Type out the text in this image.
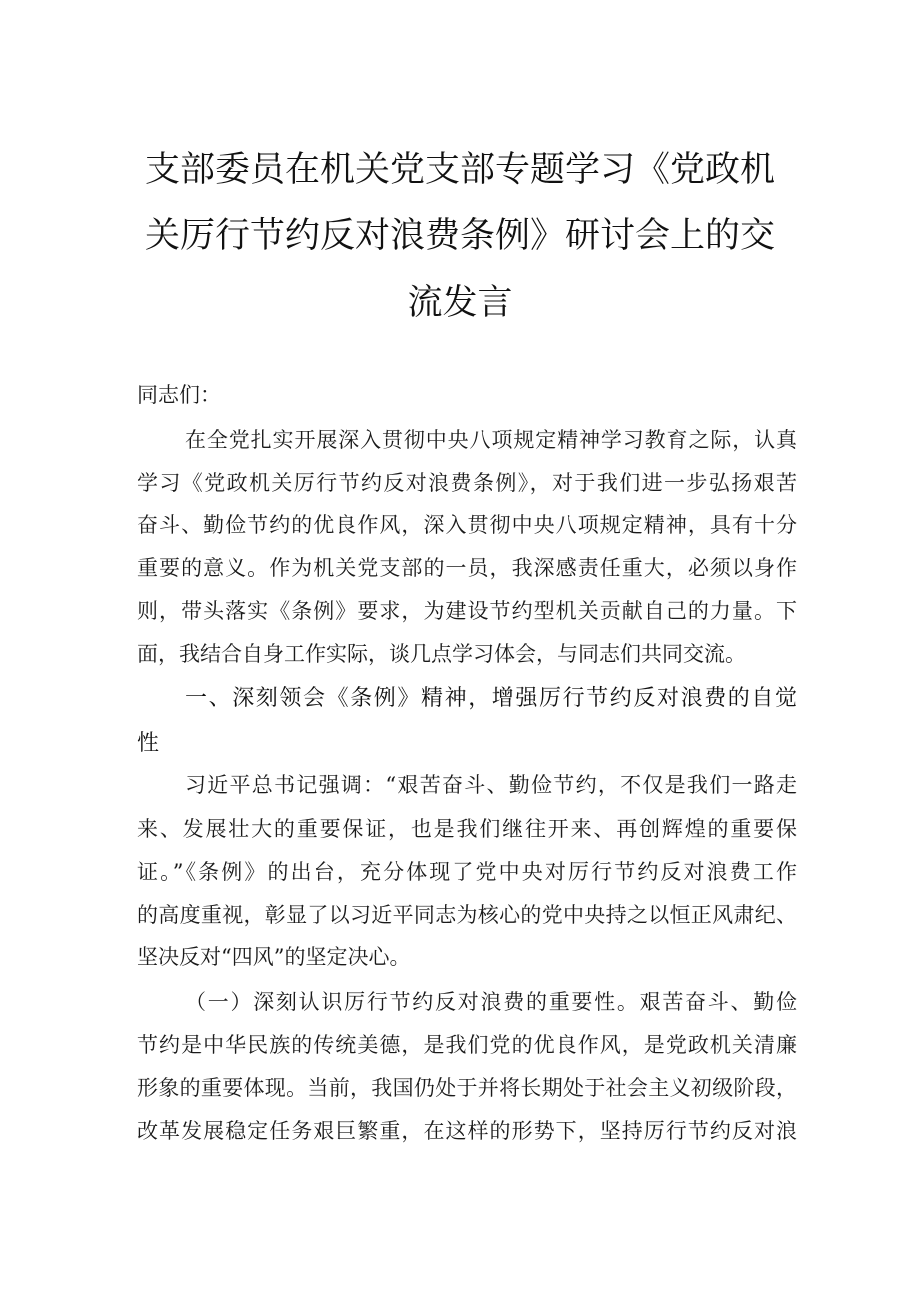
支部委员在机关党支部专题学习《党政机
关厉行节约反对浪费条例》研讨会上的交
流发言
同志们：
在全党扎实开展深入贯彻中央八项规定精神学习教育之际，认真
学习《党政机关厉行节约反对浪费条例》，对于我们进一步弘扬艰苦
奋斗、勤俭节约的优良作风，深入贯彻中央八项规定精神，具有十分
重要的意义。作为机关党支部的一员，我深感责任重大，必须以身作
则，带头落实《条例》要求，为建设节约型机关贡献自己的力量。下
面，我结合自身工作实际，谈几点学习体会，与同志们共同交流。
一、深刻领会《条例》精神，增强厉行节约反对浪费的自觉
性
习近平总书记强调：“艰苦奋斗、勤俭节约，不仅是我们一路走
来、发展壮大的重要保证，也是我们继往开来、再创辉煌的重要保
证。”《条例》的出台，充分体现了党中央对厉行节约反对浪费工作
的高度重视，彰显了以习近平同志为核心的党中央持之以恒正风肃纪、
坚决反对“四风”的坚定决心。
（一）深刻认识厉行节约反对浪费的重要性。艰苦奋斗、勤俭
节约是中华民族的传统美德，是我们党的优良作风，是党政机关清廉
形象的重要体现。当前，我国仍处于并将长期处于社会主义初级阶段，
改革发展稳定任务艰巨繁重，在这样的形势下，坚持厉行节约反对浪
